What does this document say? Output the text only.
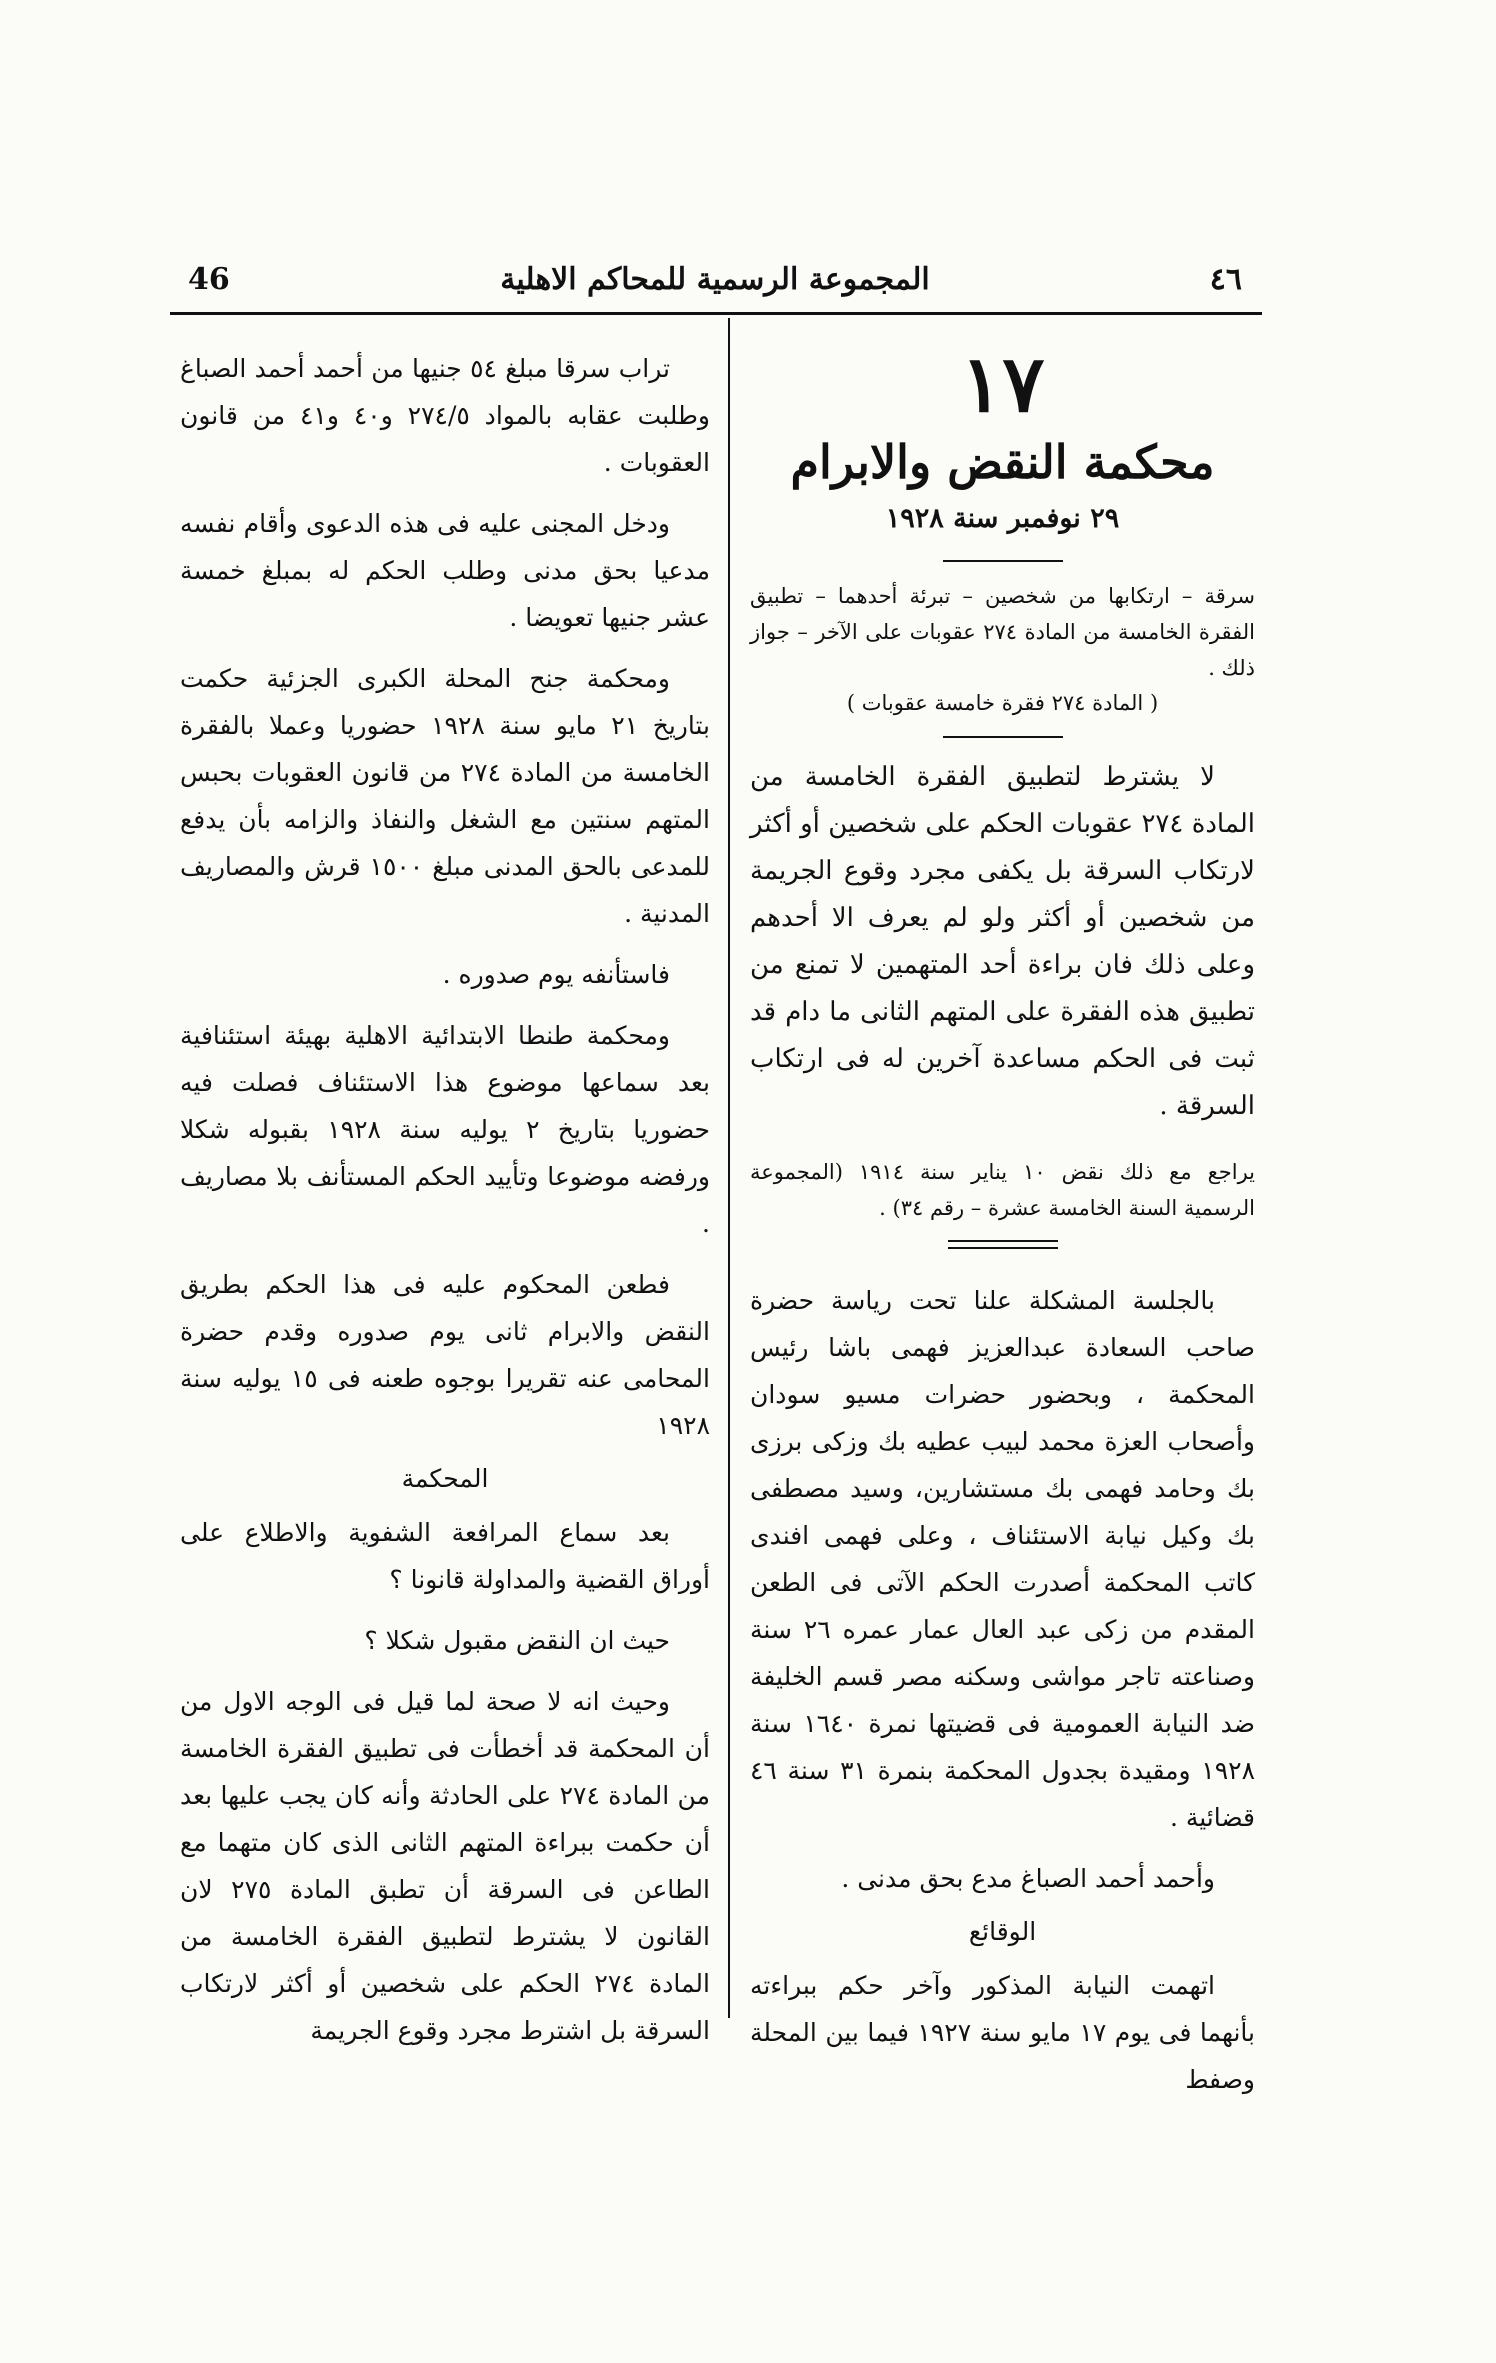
46	المجموعة الرسمية للمحاكم الاهلية	٤٦
١٧
محكمة النقض والابرام
٢٩ نوفمبر سنة ١٩٢٨
سرقة – ارتكابها من شخصين – تبرئة أحدهما – تطبيق الفقرة الخامسة من المادة ٢٧٤ عقوبات على الآخر – جواز ذلك .
( المادة ٢٧٤ فقرة خامسة عقوبات )
لا يشترط لتطبيق الفقرة الخامسة من المادة ٢٧٤ عقوبات الحكم على شخصين أو أكثر لارتكاب السرقة بل يكفى مجرد وقوع الجريمة من شخصين أو أكثر ولو لم يعرف الا أحدهم وعلى ذلك فان براءة أحد المتهمين لا تمنع من تطبيق هذه الفقرة على المتهم الثانى ما دام قد ثبت فى الحكم مساعدة آخرين له فى ارتكاب السرقة .
يراجع مع ذلك نقض ١٠ يناير سنة ١٩١٤ (المجموعة الرسمية السنة الخامسة عشرة – رقم ٣٤) .
بالجلسة المشكلة علنا تحت رياسة حضرة صاحب السعادة عبدالعزيز فهمى باشا رئيس المحكمة ، وبحضور حضرات مسيو سودان وأصحاب العزة محمد لبيب عطيه بك وزكى برزى بك وحامد فهمى بك مستشارين، وسيد مصطفى بك وكيل نيابة الاستئناف ، وعلى فهمى افندى كاتب المحكمة أصدرت الحكم الآتى فى الطعن المقدم من زكى عبد العال عمار عمره ٢٦ سنة وصناعته تاجر مواشى وسكنه مصر قسم الخليفة ضد النيابة العمومية فى قضيتها نمرة ١٦٤٠ سنة ١٩٢٨ ومقيدة بجدول المحكمة بنمرة ٣١ سنة ٤٦ قضائية .
وأحمد أحمد الصباغ مدع بحق مدنى .
الوقائع
اتهمت النيابة المذكور وآخر حكم ببراءته بأنهما فى يوم ١٧ مايو سنة ١٩٢٧ فيما بين المحلة وصفط
تراب سرقا مبلغ ٥٤ جنيها من أحمد أحمد الصباغ وطلبت عقابه بالمواد ٢٧٤/٥ و٤٠ و٤١ من قانون العقوبات .
ودخل المجنى عليه فى هذه الدعوى وأقام نفسه مدعيا بحق مدنى وطلب الحكم له بمبلغ خمسة عشر جنيها تعويضا .
ومحكمة جنح المحلة الكبرى الجزئية حكمت بتاريخ ٢١ مايو سنة ١٩٢٨ حضوريا وعملا بالفقرة الخامسة من المادة ٢٧٤ من قانون العقوبات بحبس المتهم سنتين مع الشغل والنفاذ والزامه بأن يدفع للمدعى بالحق المدنى مبلغ ١٥٠٠ قرش والمصاريف المدنية .
فاستأنفه يوم صدوره .
ومحكمة طنطا الابتدائية الاهلية بهيئة استئنافية بعد سماعها موضوع هذا الاستئناف فصلت فيه حضوريا بتاريخ ٢ يوليه سنة ١٩٢٨ بقبوله شكلا ورفضه موضوعا وتأييد الحكم المستأنف بلا مصاريف .
فطعن المحكوم عليه فى هذا الحكم بطريق النقض والابرام ثانى يوم صدوره وقدم حضرة المحامى عنه تقريرا بوجوه طعنه فى ١٥ يوليه سنة ١٩٢٨
المحكمة
بعد سماع المرافعة الشفوية والاطلاع على أوراق القضية والمداولة قانونا ؟
حيث ان النقض مقبول شكلا ؟
وحيث انه لا صحة لما قيل فى الوجه الاول من أن المحكمة قد أخطأت فى تطبيق الفقرة الخامسة من المادة ٢٧٤ على الحادثة وأنه كان يجب عليها بعد أن حكمت ببراءة المتهم الثانى الذى كان متهما مع الطاعن فى السرقة أن تطبق المادة ٢٧٥ لان القانون لا يشترط لتطبيق الفقرة الخامسة من المادة ٢٧٤ الحكم على شخصين أو أكثر لارتكاب السرقة بل اشترط مجرد وقوع الجريمة
